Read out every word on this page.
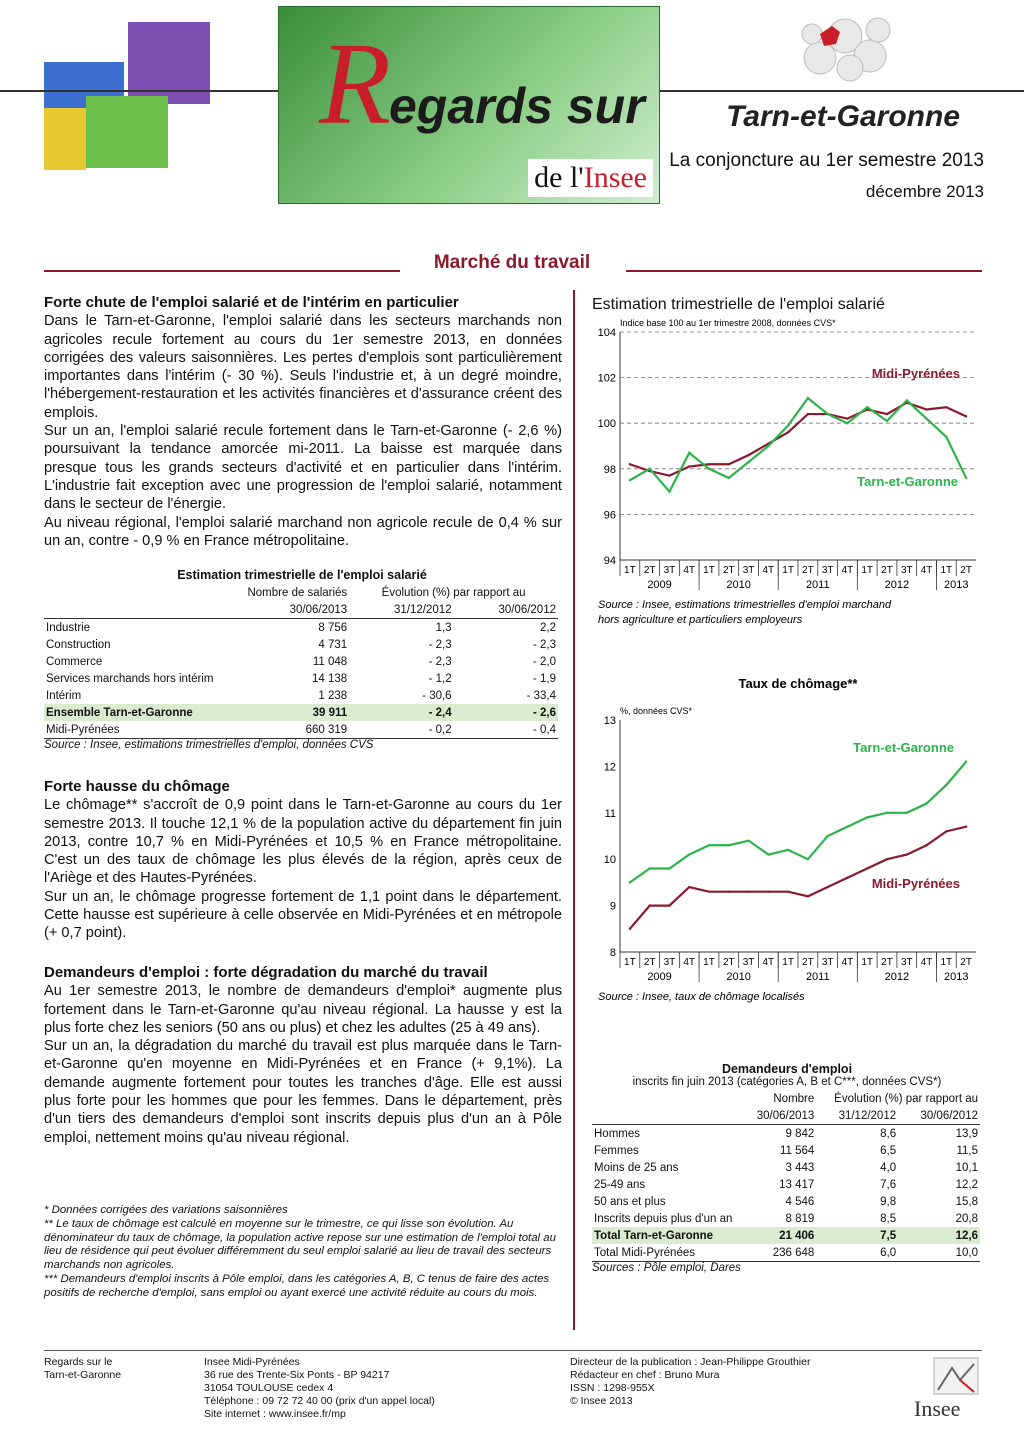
R
egards sur
de l'Insee
Tarn-et-Garonne
La conjoncture au 1er semestre 2013
décembre 2013
Marché du travail
Forte chute de l'emploi salarié et de l'intérim en particulier

Dans le Tarn-et-Garonne, l'emploi salarié dans les secteurs marchands non agricoles recule fortement au cours du 1er semestre 2013, en données corrigées des valeurs saisonnières. Les pertes d'emplois sont particulièrement importantes dans l'intérim (- 30 %). Seuls l'industrie et, à un degré moindre, l'hébergement-restauration et les activités financières et d'assurance créent des emplois.

Sur un an, l'emploi salarié recule fortement dans le Tarn-et-Garonne (- 2,6 %) poursuivant la tendance amorcée mi-2011. La baisse est marquée dans presque tous les grands secteurs d'activité et en particulier dans l'intérim. L'industrie fait exception avec une progression de l'emploi salarié, notamment dans le secteur de l'énergie.

Au niveau régional, l'emploi salarié marchand non agricole recule de 0,4 % sur un an, contre - 0,9 % en France métropolitaine.

Estimation trimestrielle de l'emploi salarié
	Nombre de salariés	Évolution (%) par rapport au	
	30/06/2013	31/12/2012	30/06/2012
Industrie	8 756	1,3	2,2
Construction	4 731	- 2,3	- 2,3
Commerce	11 048	- 2,3	- 2,0
Services marchands hors intérim	14 138	- 1,2	- 1,9
Intérim	1 238	- 30,6	- 33,4
Ensemble Tarn-et-Garonne	39 911	- 2,4	- 2,6
Midi-Pyrénées	660 319	- 0,2	- 0,4
Source : Insee, estimations trimestrielles d'emploi, données CVS
Forte hausse du chômage

Le chômage** s'accroît de 0,9 point dans le Tarn-et-Garonne au cours du 1er semestre 2013. Il touche 12,1 % de la population active du département fin juin 2013, contre 10,7 % en Midi-Pyrénées et 10,5 % en France métropolitaine. C'est un des taux de chômage les plus élevés de la région, après ceux de l'Ariège et des Hautes-Pyrénées.

Sur un an, le chômage progresse fortement de 1,1 point dans le département. Cette hausse est supérieure à celle observée en Midi-Pyrénées et en métropole (+ 0,7 point).

Demandeurs d'emploi : forte dégradation du marché du travail

Au 1er semestre 2013, le nombre de demandeurs d'emploi* augmente plus fortement dans le Tarn-et-Garonne qu'au niveau régional. La hausse y est la plus forte chez les seniors (50 ans ou plus) et chez les adultes (25 à 49 ans).

Sur un an, la dégradation du marché du travail est plus marquée dans le Tarn-et-Garonne qu'en moyenne en Midi-Pyrénées et en France (+ 9,1%). La demande augmente fortement pour toutes les tranches d'âge. Elle est aussi plus forte pour les hommes que pour les femmes. Dans le département, près d'un tiers des demandeurs d'emploi sont inscrits depuis plus d'un an à Pôle emploi, nettement moins qu'au niveau régional.

* Données corrigées des variations saisonnières

** Le taux de chômage est calculé en moyenne sur le trimestre, ce qui lisse son évolution. Au dénominateur du taux de chômage, la population active repose sur une estimation de l'emploi total au lieu de résidence qui peut évoluer différemment du seul emploi salarié au lieu de travail des secteurs marchands non agricoles.

*** Demandeurs d'emploi inscrits à Pôle emploi, dans les catégories A, B, C tenus de faire des actes positifs de recherche d'emploi, sans emploi ou ayant exercé une activité réduite au cours du mois.

Estimation trimestrielle de l'emploi salarié
Indice base 100 au 1er trimestre 2008, données CVS*
94
96
98
100
102
104
1T 2T 3T 4T 1T 2T 3T 4T 1T 2T 3T 4T 1T 2T 3T 4T 1T 2T
2009	2010	2011	2012	2013
Midi-Pyrénées
Tarn-et-Garonne
Source : Insee, estimations trimestrielles d'emploi marchand hors agriculture et particuliers employeurs
Taux de chômage**
%, données CVS*
8
9
10
11
12
13
1T 2T 3T 4T 1T 2T 3T 4T 1T 2T 3T 4T 1T 2T 3T 4T 1T 2T
2009	2010	2011	2012	2013
Tarn-et-Garonne
Midi-Pyrénées
Source : Insee, taux de chômage localisés
Demandeurs d'emploi
inscrits fin juin 2013 (catégories A, B et C***, données CVS*)
	Nombre	Évolution (%) par rapport au	
	30/06/2013	31/12/2012	30/06/2012
Hommes	9 842	8,6	13,9
Femmes	11 564	6,5	11,5
Moins de 25 ans	3 443	4,0	10,1
25-49 ans	13 417	7,6	12,2
50 ans et plus	4 546	9,8	15,8
Inscrits depuis plus d'un an	8 819	8,5	20,8
Total Tarn-et-Garonne	21 406	7,5	12,6
Total Midi-Pyrénées	236 648	6,0	10,0
Sources : Pôle emploi, Dares
Regards sur le
Tarn-et-Garonne
Insee Midi-Pyrénées
36 rue des Trente-Six Ponts - BP 94217
31054 TOULOUSE cedex 4
Téléphone : 09 72 72 40 00 (prix d'un appel local)
Site internet : www.insee.fr/mp
Directeur de la publication : Jean-Philippe Grouthier
Rédacteur en chef : Bruno Mura
ISSN : 1298-955X
© Insee 2013	Insee
